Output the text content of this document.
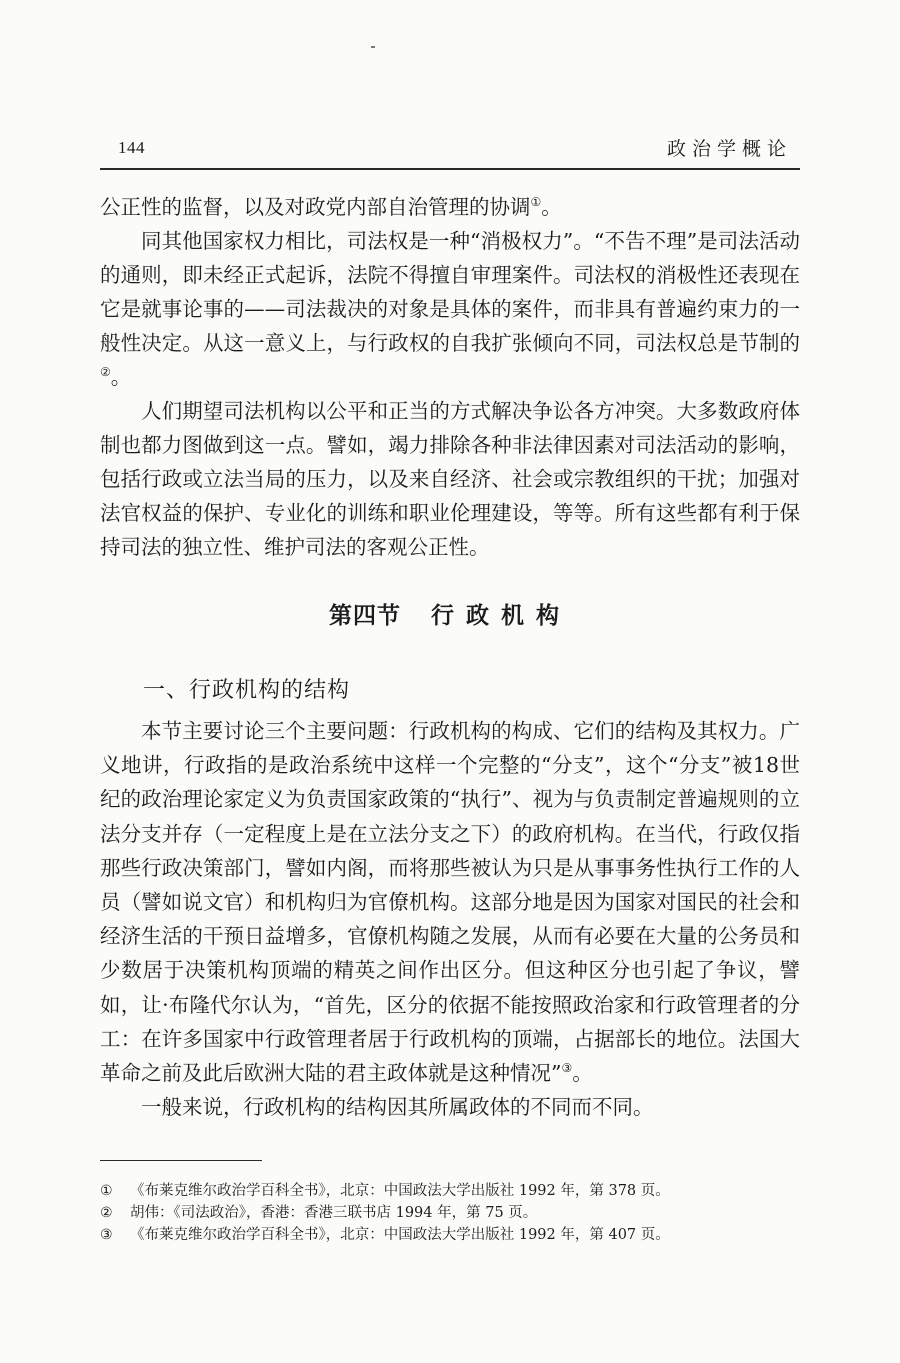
144	政治学概论

公正性的监督，以及对政党内部自治管理的协调①。

同其他国家权力相比，司法权是一种“消极权力”。“不告不理”是司法活动的通则，即未经正式起诉，法院不得擅自审理案件。司法权的消极性还表现在它是就事论事的——司法裁决的对象是具体的案件，而非具有普遍约束力的一般性决定。从这一意义上，与行政权的自我扩张倾向不同，司法权总是节制的②。

人们期望司法机构以公平和正当的方式解决争讼各方冲突。大多数政府体制也都力图做到这一点。譬如，竭力排除各种非法律因素对司法活动的影响，包括行政或立法当局的压力，以及来自经济、社会或宗教组织的干扰；加强对法官权益的保护、专业化的训练和职业伦理建设，等等。所有这些都有利于保持司法的独立性、维护司法的客观公正性。

第四节 行政机构
一、行政机构的结构

本节主要讨论三个主要问题：行政机构的构成、它们的结构及其权力。广义地讲，行政指的是政治系统中这样一个完整的“分支”，这个“分支”被18世纪的政治理论家定义为负责国家政策的“执行”、视为与负责制定普遍规则的立法分支并存（一定程度上是在立法分支之下）的政府机构。在当代，行政仅指那些行政决策部门，譬如内阁，而将那些被认为只是从事事务性执行工作的人员（譬如说文官）和机构归为官僚机构。这部分地是因为国家对国民的社会和经济生活的干预日益增多，官僚机构随之发展，从而有必要在大量的公务员和少数居于决策机构顶端的精英之间作出区分。但这种区分也引起了争议，譬如，让·布隆代尔认为，“首先，区分的依据不能按照政治家和行政管理者的分工：在许多国家中行政管理者居于行政机构的顶端，占据部长的地位。法国大革命之前及此后欧洲大陆的君主政体就是这种情况”③。

一般来说，行政机构的结构因其所属政体的不同而不同。

①	《布莱克维尔政治学百科全书》，北京：中国政法大学出版社 1992 年，第 378 页。
②	胡伟：《司法政治》，香港：香港三联书店 1994 年，第 75 页。
③	《布莱克维尔政治学百科全书》，北京：中国政法大学出版社 1992 年，第 407 页。
